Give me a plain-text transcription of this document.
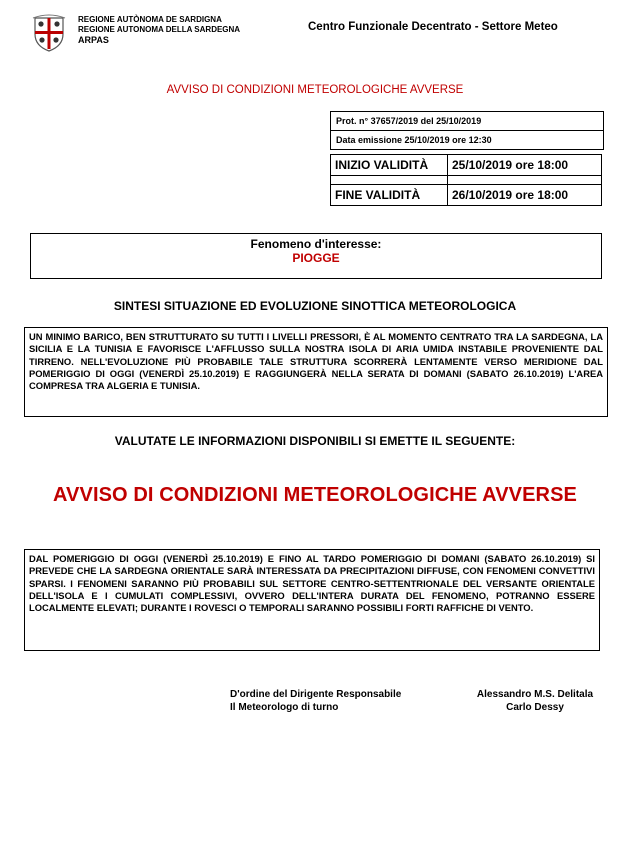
REGIONE AUTÒNOMA DE SARDIGNA
REGIONE AUTONOMA DELLA SARDEGNA
ARPAS
Centro Funzionale Decentrato - Settore Meteo
AVVISO DI CONDIZIONI METEOROLOGICHE AVVERSE
Prot. n° 37657/2019 del 25/10/2019
Data emissione 25/10/2019 ore 12:30
INIZIO VALIDITÀ	25/10/2019 ore 18:00

FINE VALIDITÀ	26/10/2019 ore 18:00
Fenomeno d'interesse:
PIOGGE
SINTESI SITUAZIONE ED EVOLUZIONE SINOTTICA METEOROLOGICA
UN MINIMO BARICO, BEN STRUTTURATO SU TUTTI I LIVELLI PRESSORI, È AL MOMENTO CENTRATO TRA LA SARDEGNA, LA SICILIA E LA TUNISIA E FAVORISCE L'AFFLUSSO SULLA NOSTRA ISOLA DI ARIA UMIDA INSTABILE PROVENIENTE DAL TIRRENO. NELL'EVOLUZIONE PIÙ PROBABILE TALE STRUTTURA SCORRERÀ LENTAMENTE VERSO MERIDIONE DAL POMERIGGIO DI OGGI (VENERDÌ 25.10.2019) E RAGGIUNGERÀ NELLA SERATA DI DOMANI (SABATO 26.10.2019) L'AREA COMPRESA TRA ALGERIA E TUNISIA.
VALUTATE LE INFORMAZIONI DISPONIBILI SI EMETTE IL SEGUENTE:
AVVISO DI CONDIZIONI METEOROLOGICHE AVVERSE
DAL POMERIGGIO DI OGGI (VENERDÌ 25.10.2019) E FINO AL TARDO POMERIGGIO DI DOMANI (SABATO 26.10.2019) SI PREVEDE CHE LA SARDEGNA ORIENTALE SARÀ INTERESSATA DA PRECIPITAZIONI DIFFUSE, CON FENOMENI CONVETTIVI SPARSI. I FENOMENI SARANNO PIÙ PROBABILI SUL SETTORE CENTRO-SETTENTRIONALE DEL VERSANTE ORIENTALE DELL'ISOLA E I CUMULATI COMPLESSIVI, OVVERO DELL'INTERA DURATA DEL FENOMENO, POTRANNO ESSERE LOCALMENTE ELEVATI; DURANTE I ROVESCI O TEMPORALI SARANNO POSSIBILI FORTI RAFFICHE DI VENTO.
D'ordine del Dirigente Responsabile
Il Meteorologo di turno
Alessandro M.S. Delitala
Carlo Dessy
